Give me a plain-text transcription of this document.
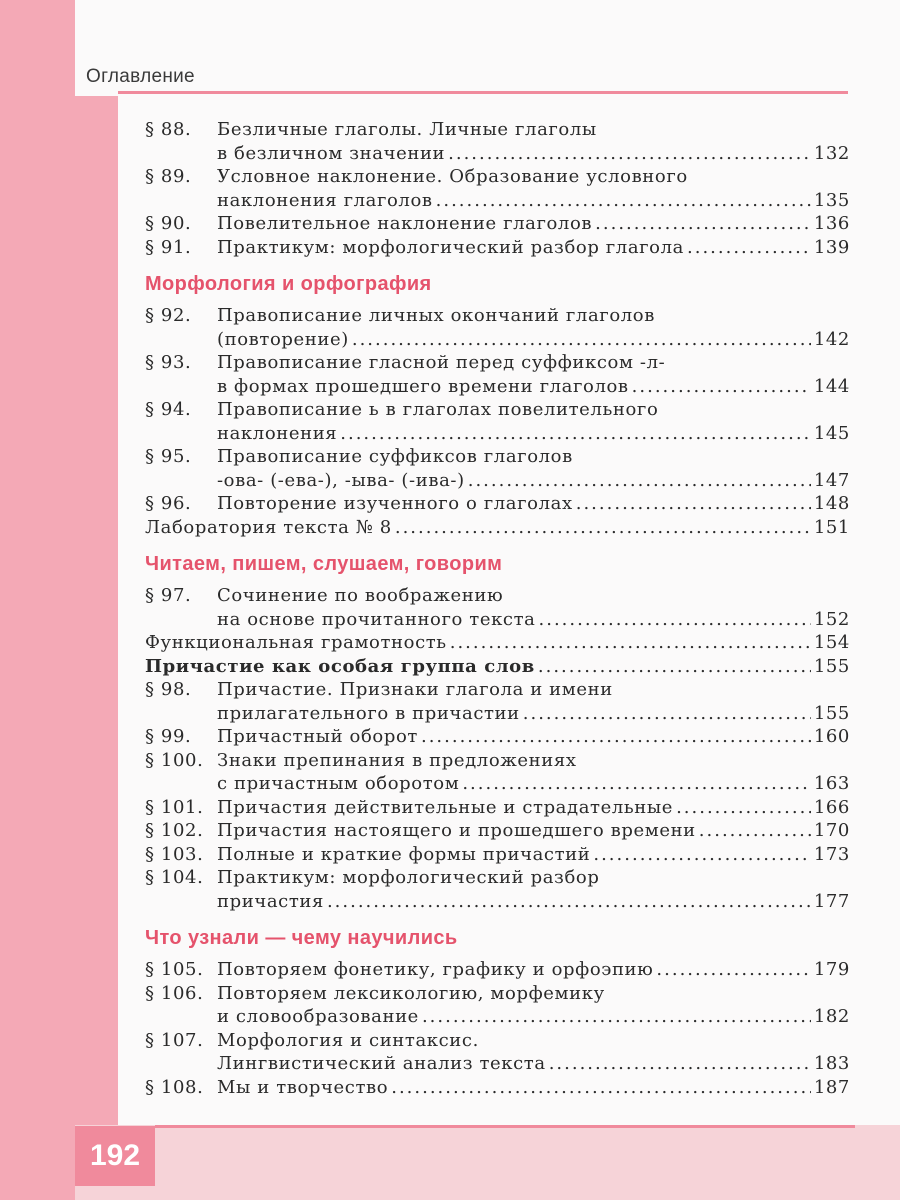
Оглавление
§ 88. Безличные глаголы. Личные глаголы
в безличном значении .....	132
§ 89. Условное наклонение. Образование условного
наклонения глаголов .....	135
§ 90. Повелительное наклонение глаголов .....	136
§ 91. Практикум: морфологический разбор глагола .....	139
Морфология и орфография
§ 92. Правописание личных окончаний глаголов
(повторение) .....	142
§ 93. Правописание гласной перед суффиксом -л-
в формах прошедшего времени глаголов .....	144
§ 94. Правописание ь в глаголах повелительного
наклонения .....	145
§ 95. Правописание суффиксов глаголов
-ова- (-ева-), -ыва- (-ива-) .....	147
§ 96. Повторение изученного о глаголах .....	148
Лаборатория текста № 8 .....	151
Читаем, пишем, слушаем, говорим
§ 97. Сочинение по воображению
на основе прочитанного текста .....	152
Функциональная грамотность .....	154
Причастие как особая группа слов .....	155
§ 98. Причастие. Признаки глагола и имени
прилагательного в причастии .....	155
§ 99. Причастный оборот .....	160
§ 100. Знаки препинания в предложениях
с причастным оборотом .....	163
§ 101. Причастия действительные и страдательные .....	166
§ 102. Причастия настоящего и прошедшего времени .....	170
§ 103. Полные и краткие формы причастий .....	173
§ 104. Практикум: морфологический разбор
причастия .....	177
Что узнали — чему научились
§ 105. Повторяем фонетику, графику и орфоэпию .....	179
§ 106. Повторяем лексикологию, морфемику
и словообразование .....	182
§ 107. Морфология и синтаксис.
Лингвистический анализ текста .....	183
§ 108. Мы и творчество .....	187
192
